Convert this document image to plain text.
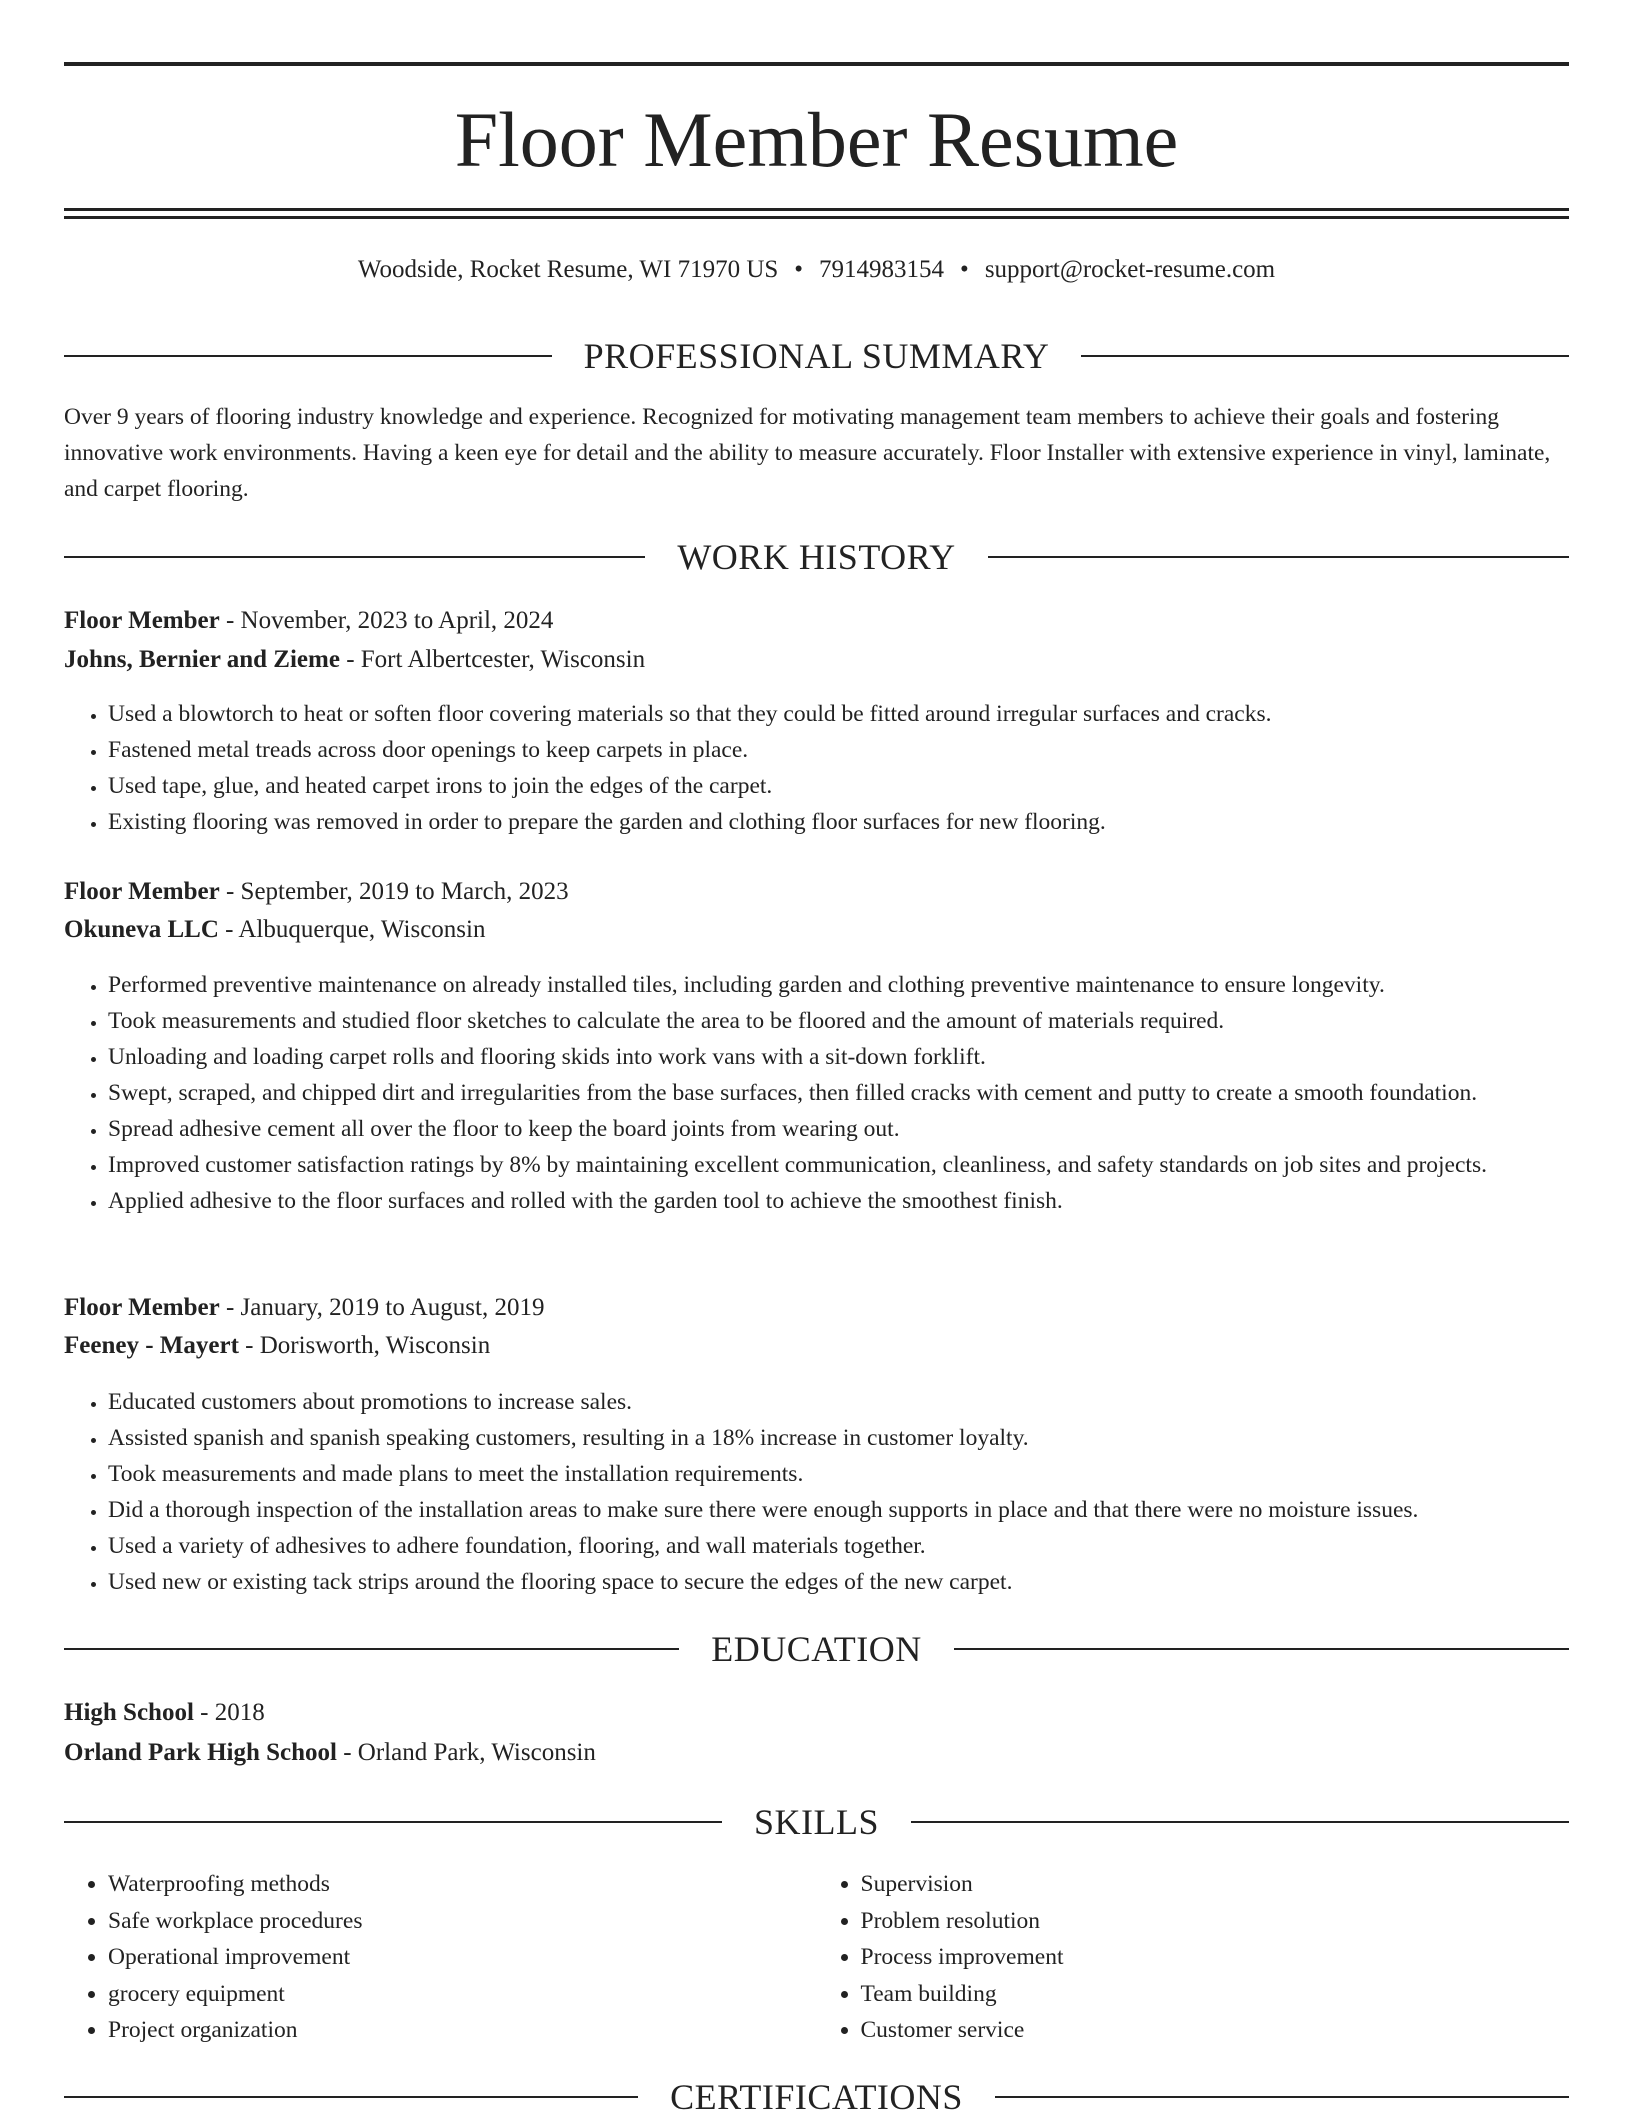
Floor Member Resume
Woodside, Rocket Resume, WI 71970 US • 7914983154 • support@rocket-resume.com
PROFESSIONAL SUMMARY
Over 9 years of flooring industry knowledge and experience. Recognized for motivating management team members to achieve their goals and fostering innovative work environments. Having a keen eye for detail and the ability to measure accurately. Floor Installer with extensive experience in vinyl, laminate, and carpet flooring.
WORK HISTORY
Floor Member - November, 2023 to April, 2024
Johns, Bernier and Zieme - Fort Albertcester, Wisconsin
• Used a blowtorch to heat or soften floor covering materials so that they could be fitted around irregular surfaces and cracks.
• Fastened metal treads across door openings to keep carpets in place.
• Used tape, glue, and heated carpet irons to join the edges of the carpet.
• Existing flooring was removed in order to prepare the garden and clothing floor surfaces for new flooring.
Floor Member - September, 2019 to March, 2023
Okuneva LLC - Albuquerque, Wisconsin
• Performed preventive maintenance on already installed tiles, including garden and clothing preventive maintenance to ensure longevity.
• Took measurements and studied floor sketches to calculate the area to be floored and the amount of materials required.
• Unloading and loading carpet rolls and flooring skids into work vans with a sit-down forklift.
• Swept, scraped, and chipped dirt and irregularities from the base surfaces, then filled cracks with cement and putty to create a smooth foundation.
• Spread adhesive cement all over the floor to keep the board joints from wearing out.
• Improved customer satisfaction ratings by 8% by maintaining excellent communication, cleanliness, and safety standards on job sites and projects.
• Applied adhesive to the floor surfaces and rolled with the garden tool to achieve the smoothest finish.
Floor Member - January, 2019 to August, 2019
Feeney - Mayert - Dorisworth, Wisconsin
• Educated customers about promotions to increase sales.
• Assisted spanish and spanish speaking customers, resulting in a 18% increase in customer loyalty.
• Took measurements and made plans to meet the installation requirements.
• Did a thorough inspection of the installation areas to make sure there were enough supports in place and that there were no moisture issues.
• Used a variety of adhesives to adhere foundation, flooring, and wall materials together.
• Used new or existing tack strips around the flooring space to secure the edges of the new carpet.
EDUCATION
High School - 2018
Orland Park High School - Orland Park, Wisconsin
SKILLS
• Waterproofing methods
• Safe workplace procedures
• Operational improvement
• grocery equipment
• Project organization
• Supervision
• Problem resolution
• Process improvement
• Team building
• Customer service
CERTIFICATIONS
